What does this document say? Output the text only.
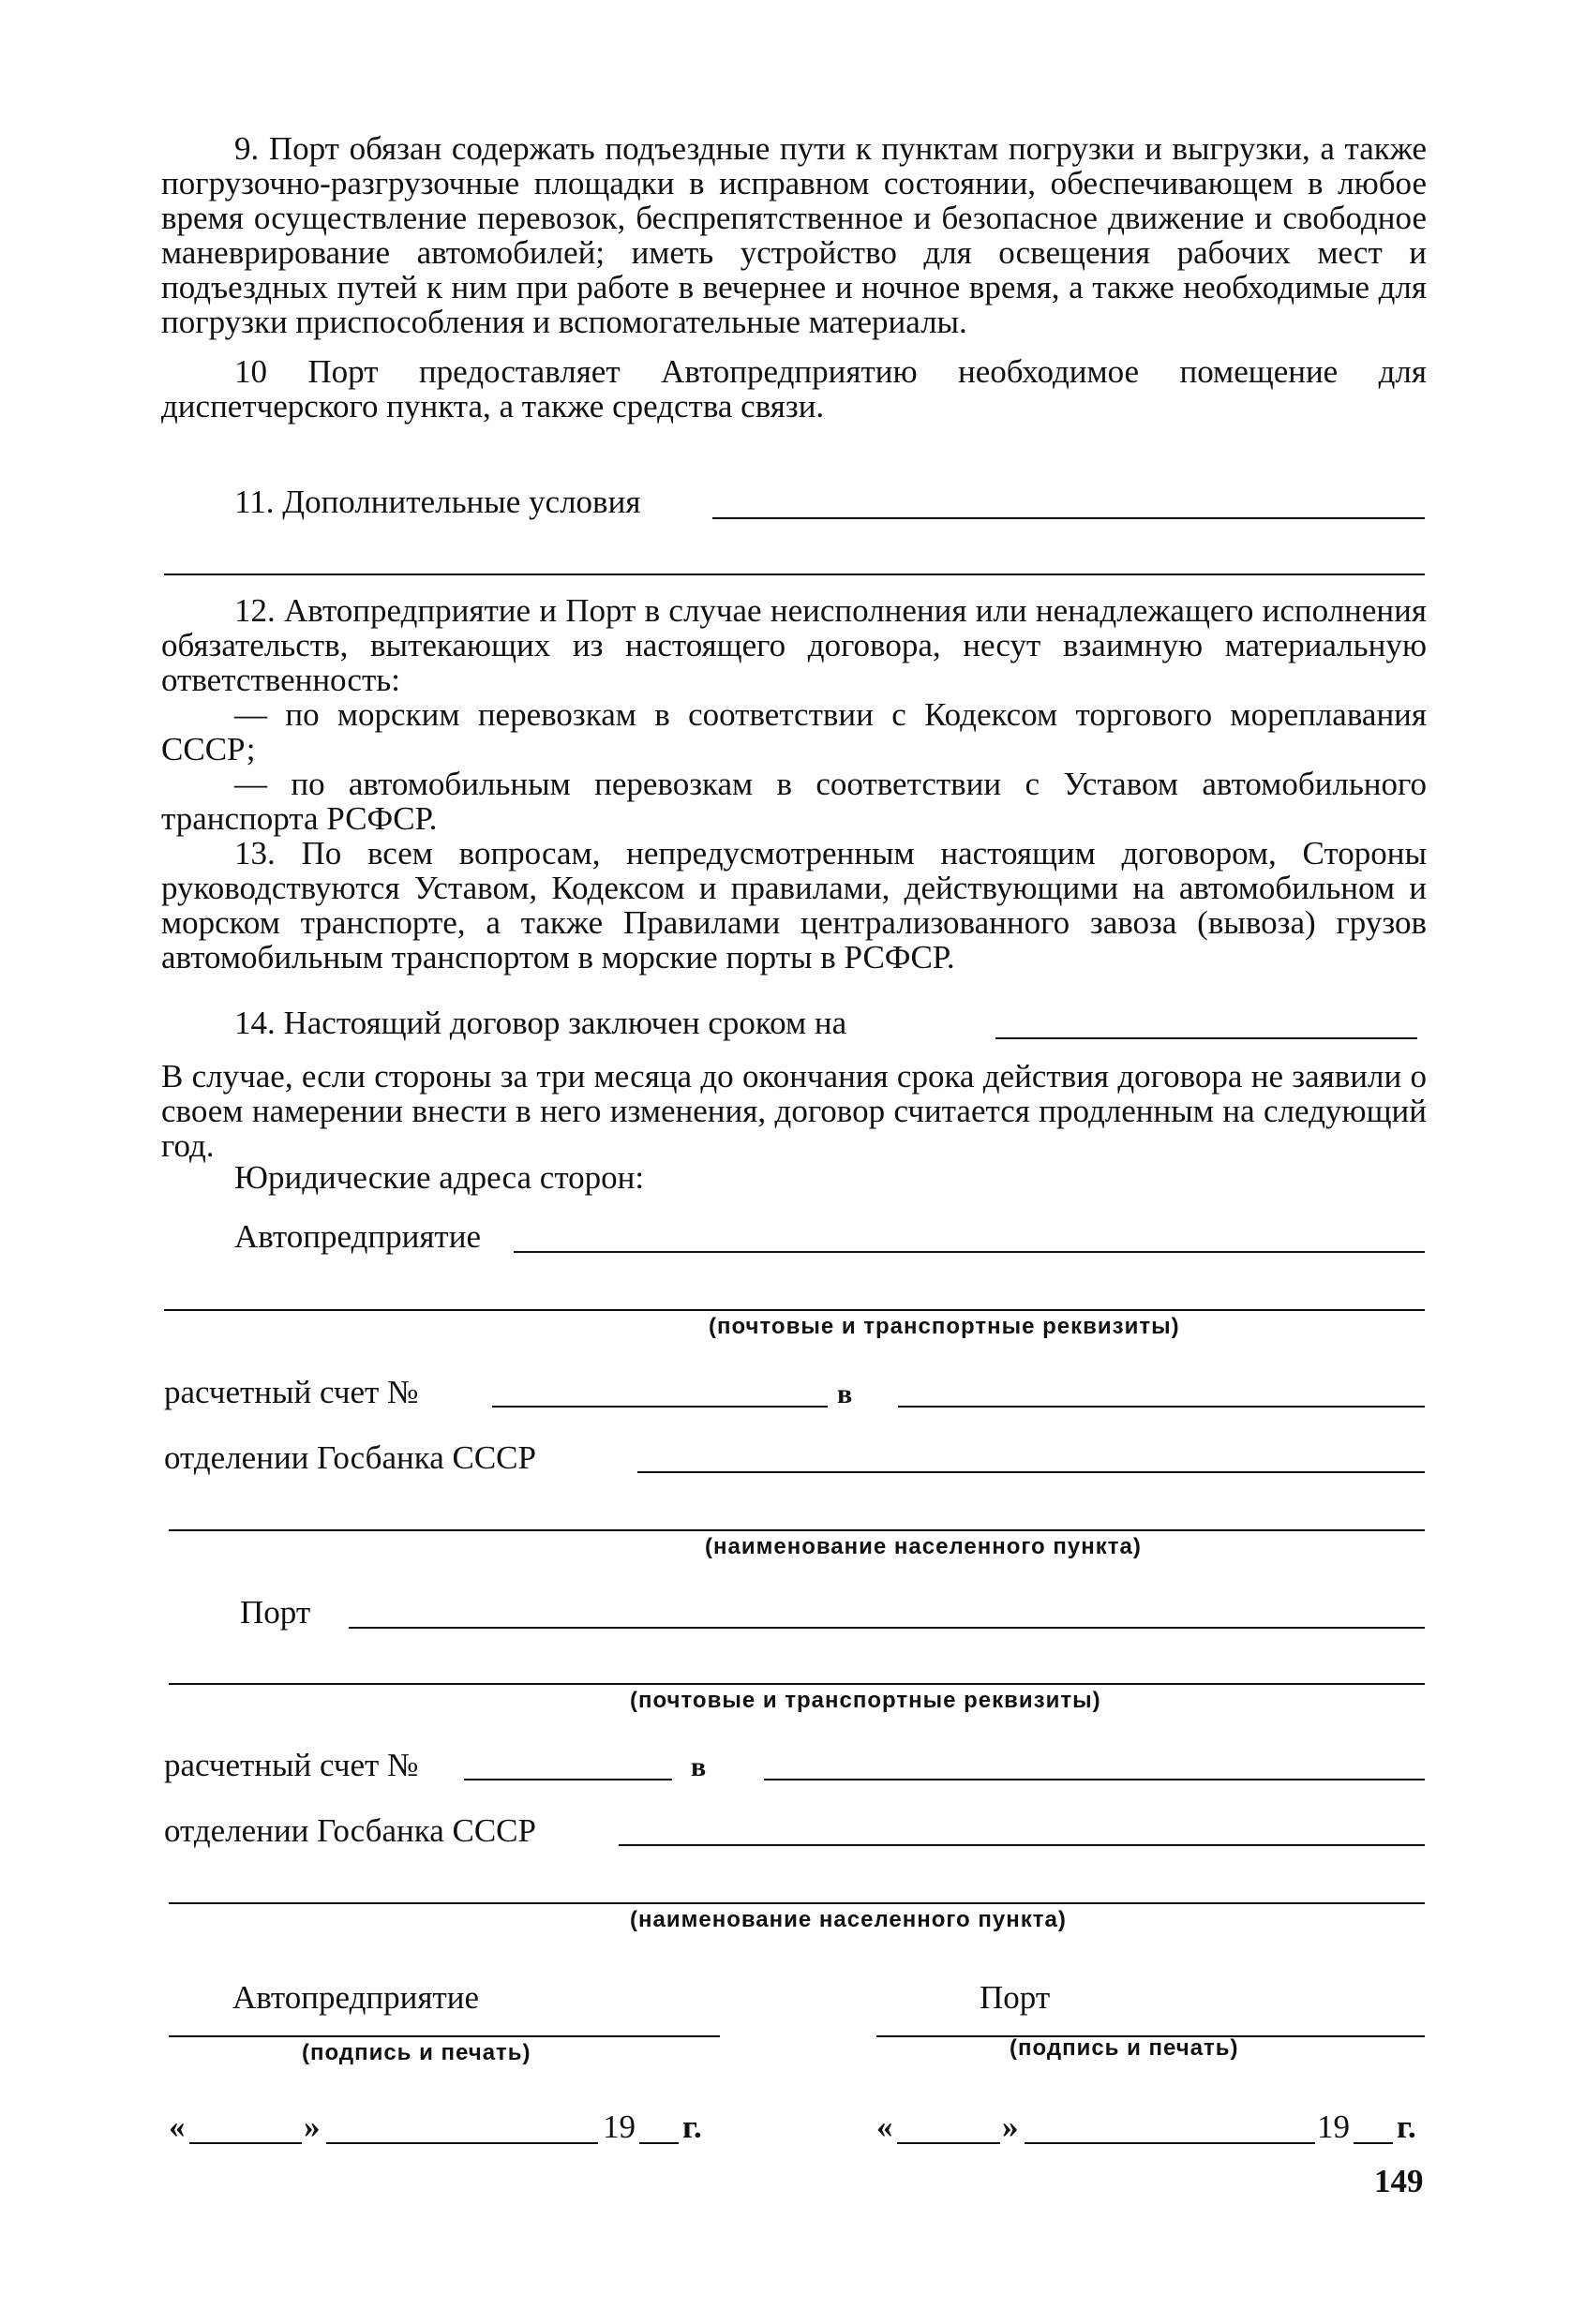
9. Порт обязан содержать подъездные пути к пунктам погрузки и выгрузки, а также погрузочно-разгрузочные площадки в исправном состоянии, обеспечивающем в любое время осуществление перевозок, беспрепятственное и безопасное движение и свободное маневрирование автомобилей; иметь устройство для освещения рабочих мест и подъездных путей к ним при работе в вечернее и ночное время, а также необходимые для погрузки приспособления и вспомогательные материалы.

10 Порт предоставляет Автопредприятию необходимое помещение для диспетчерского пункта, а также средства связи.

11. Дополнительные условия

12. Автопредприятие и Порт в случае неисполнения или ненадлежащего исполнения обязательств, вытекающих из настоящего договора, несут взаимную материальную ответственность:

— по морским перевозкам в соответствии с Кодексом торгового мореплавания СССР;

— по автомобильным перевозкам в соответствии с Уставом автомобильного транспорта РСФСР.

13. По всем вопросам, непредусмотренным настоящим договором, Стороны руководствуются Уставом, Кодексом и правилами, действующими на автомобильном и морском транспорте, а также Правилами централизованного завоза (вывоза) грузов автомобильным транспортом в морские порты в РСФСР.

14. Настоящий договор заключен сроком на

В случае, если стороны за три месяца до окончания срока действия договора не заявили о своем намерении внести в него изменения, договор считается продленным на следующий год.

Юридические адреса сторон:
Автопредприятие
(почтовые и транспортные реквизиты)
расчетный счет №	в
отделении Госбанка СССР
(наименование населенного пункта)
Порт
(почтовые и транспортные реквизиты)
расчетный счет №	в
отделении Госбанка СССР
(наименование населенного пункта)
Автопредприятие	Порт
(подпись и печать)	(подпись и печать)
«	»	19 г.	«	»	19 г.
149
